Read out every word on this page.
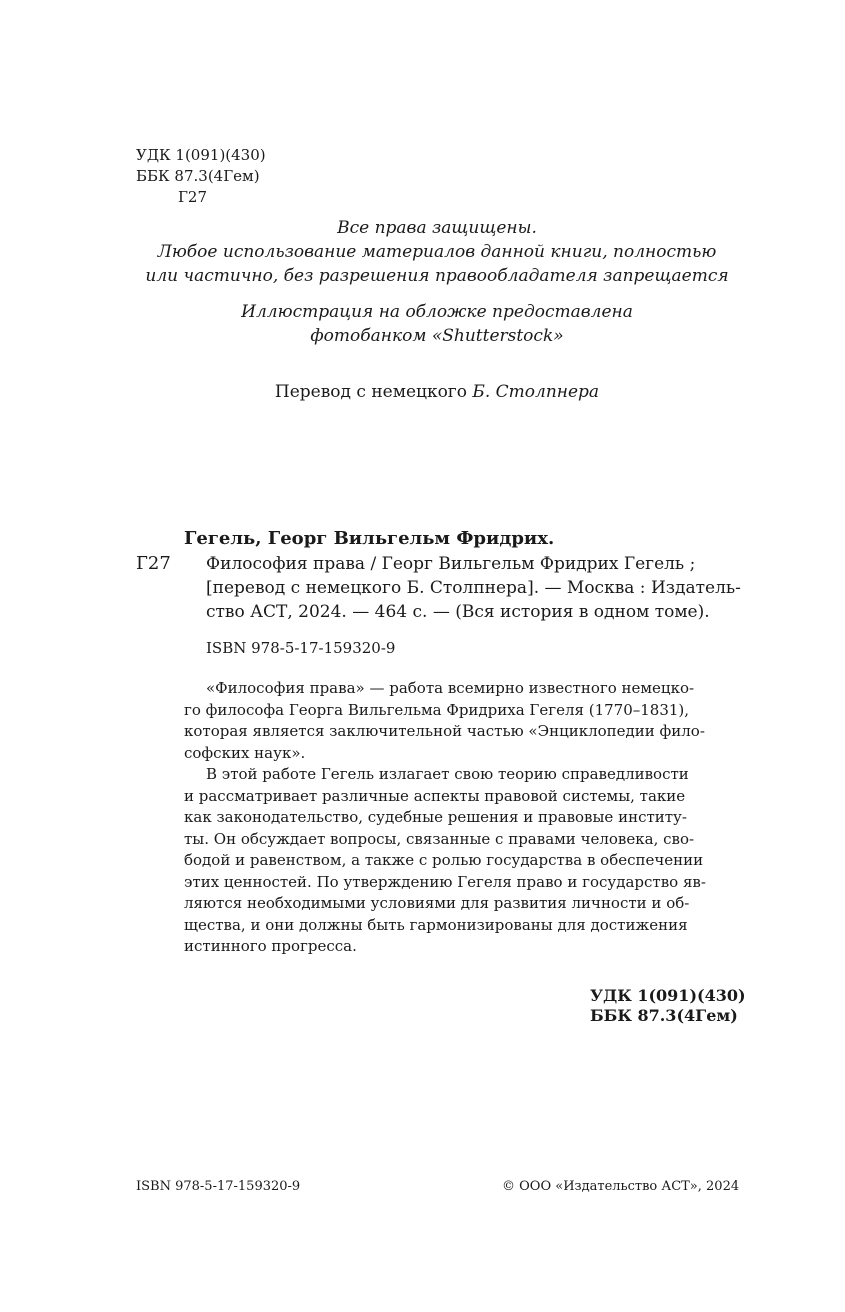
УДК 1(091)(430)
ББК 87.3(4Гем)
Г27
Все права защищены.
Любое использование материалов данной книги, полностью
или частично, без разрешения правообладателя запрещается
Иллюстрация на обложке предоставлена
фотобанком «Shutterstock»
Перевод с немецкого Б. Столпнера
Гегель, Георг Вильгельм Фридрих.
Г27 Философия права / Георг Вильгельм Фридрих Гегель ;
[перевод с немецкого Б. Столпнера]. — Москва : Издатель-
ство АСТ, 2024. — 464 с. — (Вся история в одном томе).
ISBN 978-5-17-159320-9
«Философия права» — работа всемирно известного немецко-
го философа Георга Вильгельма Фридриха Гегеля (1770–1831),
которая является заключительной частью «Энциклопедии фило-
софских наук».
В этой работе Гегель излагает свою теорию справедливости
и рассматривает различные аспекты правовой системы, такие
как законодательство, судебные решения и правовые институ-
ты. Он обсуждает вопросы, связанные с правами человека, сво-
бодой и равенством, а также с ролью государства в обеспечении
этих ценностей. По утверждению Гегеля право и государство яв-
ляются необходимыми условиями для развития личности и об-
щества, и они должны быть гармонизированы для достижения
истинного прогресса.
УДК 1(091)(430)
ББК 87.3(4Гем)
ISBN 978-5-17-159320-9	© ООО «Издательство АСТ», 2024
